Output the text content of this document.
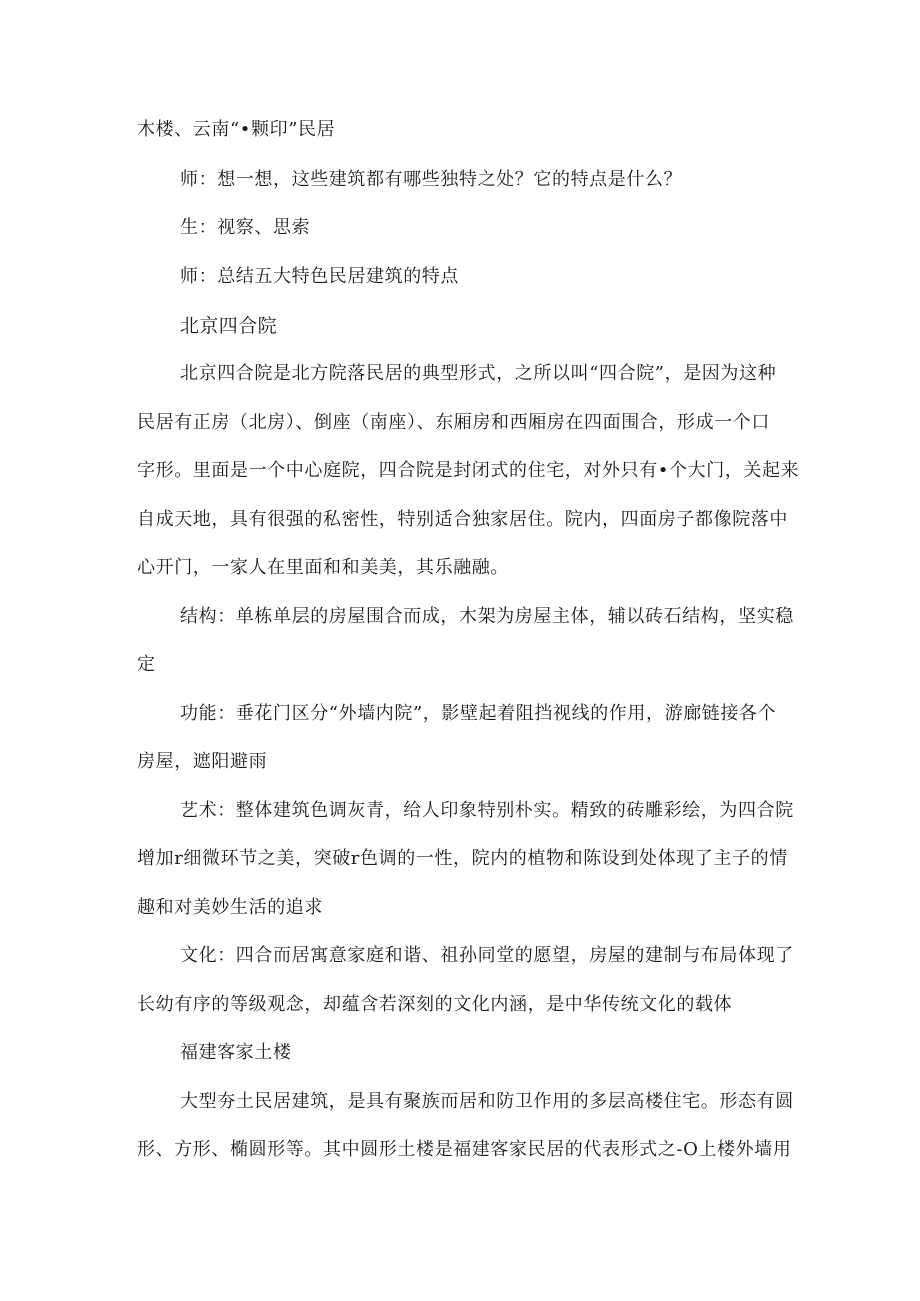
木楼、云南“•颗印”民居
师：想一想，这些建筑都有哪些独特之处？它的特点是什么？
生：视察、思索
师：总结五大特色民居建筑的特点
北京四合院
北京四合院是北方院落民居的典型形式，之所以叫“四合院”，是因为这种
民居有正房（北房）、倒座（南座）、东厢房和西厢房在四面围合，形成一个口
字形。里面是一个中心庭院，四合院是封闭式的住宅，对外只有•个大门，关起来
自成天地，具有很强的私密性，特别适合独家居住。院内，四面房子都像院落中
心开门，一家人在里面和和美美，其乐融融。
结构：单栋单层的房屋围合而成，木架为房屋主体，辅以砖石结构，坚实稳
定
功能：垂花门区分“外墙内院”，影壁起着阻挡视线的作用，游廊链接各个
房屋，遮阳避雨
艺术：整体建筑色调灰青，给人印象特别朴实。精致的砖雕彩绘，为四合院
增加r细微环节之美，突破r色调的一性，院内的植物和陈设到处体现了主子的情
趣和对美妙生活的追求
文化：四合而居寓意家庭和谐、祖孙同堂的愿望，房屋的建制与布局体现了
长幼有序的等级观念，却蕴含若深刻的文化内涵，是中华传统文化的载体
福建客家土楼
大型夯土民居建筑，是具有聚族而居和防卫作用的多层高楼住宅。形态有圆
形、方形、椭圆形等。其中圆形土楼是福建客家民居的代表形式之-O上楼外墙用
